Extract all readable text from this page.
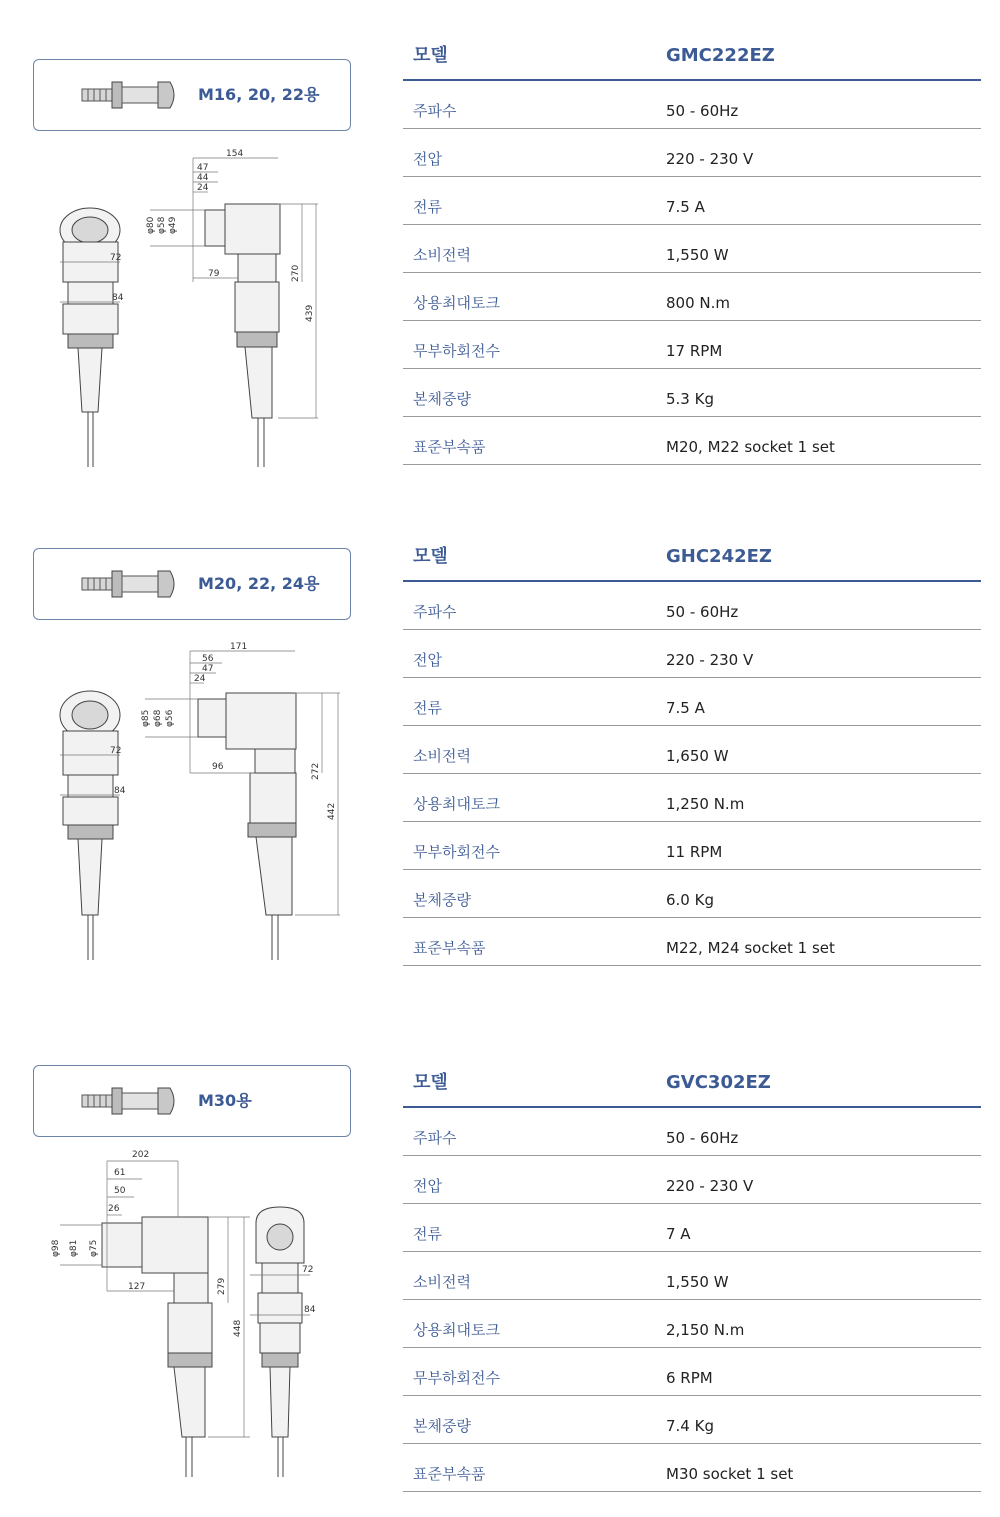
M16, 20, 22용
154
47
44
24
φ80 φ58 φ49
72
84
79	270
439
모델	GMC222EZ
주파수	50 - 60Hz
전압	220 - 230 V
전류	7.5 A
소비전력	1,550 W
상용최대토크	800 N.m
무부하회전수	17 RPM
본체중량	5.3 Kg
표준부속품	M20, M22 socket 1 set
M20, 22, 24용
171
56
47
24
φ85 φ68 φ56
72
84
96	272
442
모델	GHC242EZ
주파수	50 - 60Hz
전압	220 - 230 V
전류	7.5 A
소비전력	1,650 W
상용최대토크	1,250 N.m
무부하회전수	11 RPM
본체중량	6.0 Kg
표준부속품	M22, M24 socket 1 set
M30용
202
61
50
26
φ98 φ81 φ75
127	279
448
72
84
모델	GVC302EZ
주파수	50 - 60Hz
전압	220 - 230 V
전류	7 A
소비전력	1,550 W
상용최대토크	2,150 N.m
무부하회전수	6 RPM
본체중량	7.4 Kg
표준부속품	M30 socket 1 set
